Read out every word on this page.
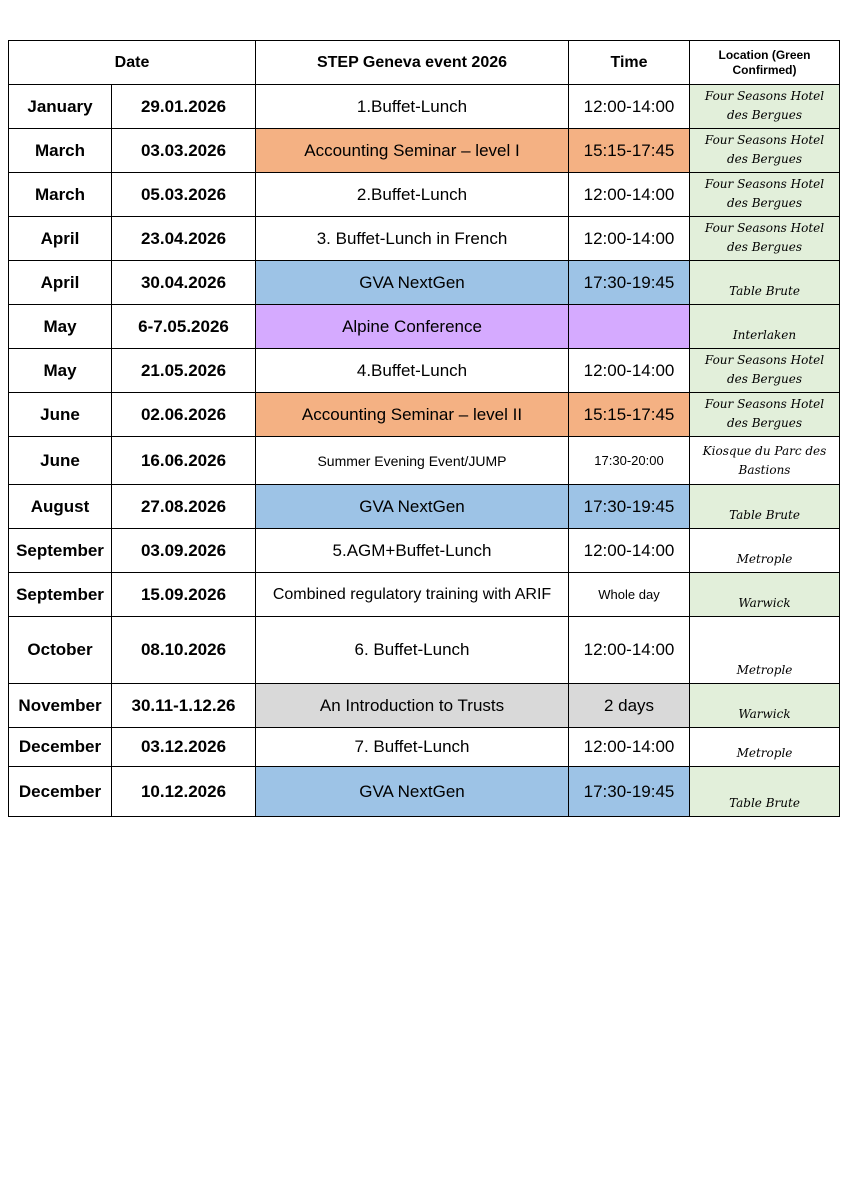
Date		STEP Geneva event 2026	Time	Location (Green Confirmed)
January	29.01.2026	1.Buffet-Lunch	12:00-14:00	Four Seasons Hotel des Bergues
March	03.03.2026	Accounting Seminar – level I	15:15-17:45	Four Seasons Hotel des Bergues
March	05.03.2026	2.Buffet-Lunch	12:00-14:00	Four Seasons Hotel des Bergues
April	23.04.2026	3. Buffet-Lunch in French	12:00-14:00	Four Seasons Hotel des Bergues
April	30.04.2026	GVA NextGen	17:30-19:45	Table Brute
May	6-7.05.2026	Alpine Conference		Interlaken
May	21.05.2026	4.Buffet-Lunch	12:00-14:00	Four Seasons Hotel des Bergues
June	02.06.2026	Accounting Seminar – level II	15:15-17:45	Four Seasons Hotel des Bergues
June	16.06.2026	Summer Evening Event/JUMP	17:30-20:00	Kiosque du Parc des Bastions
August	27.08.2026	GVA NextGen	17:30-19:45	Table Brute
September	03.09.2026	5.AGM+Buffet-Lunch	12:00-14:00	Metrople
September	15.09.2026	Combined regulatory training with ARIF	Whole day	Warwick
October	08.10.2026	6. Buffet-Lunch	12:00-14:00	Metrople
November	30.11-1.12.26	An Introduction to Trusts	2 days	Warwick
December	03.12.2026	7. Buffet-Lunch	12:00-14:00	Metrople
December	10.12.2026	GVA NextGen	17:30-19:45	Table Brute
